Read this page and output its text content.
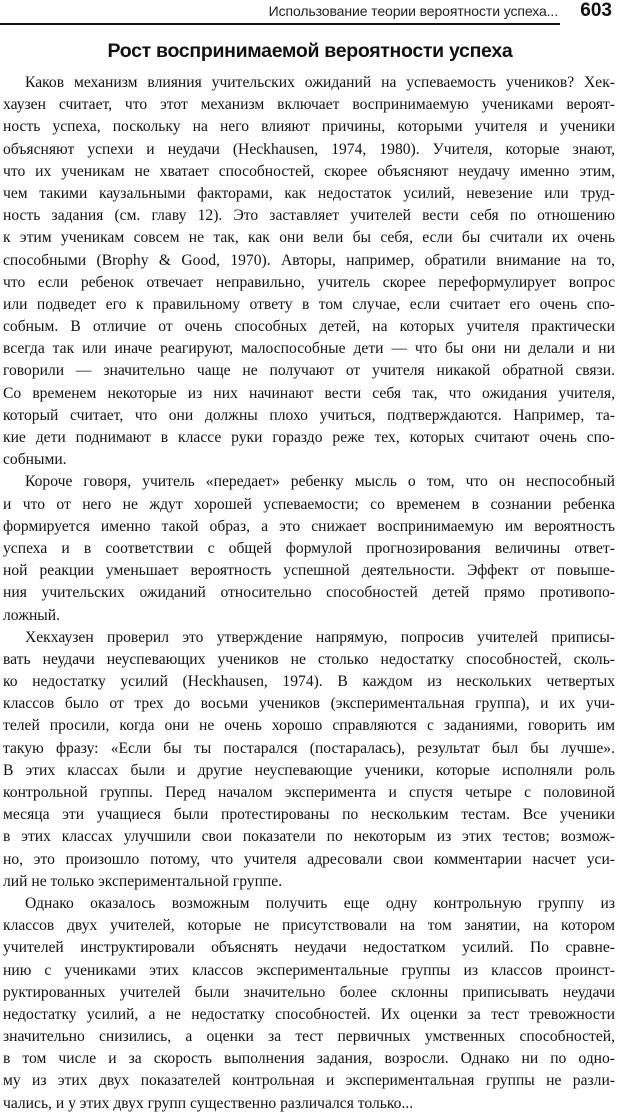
Использование теории вероятности успеха... 603
Рост воспринимаемой вероятности успеха

Каков механизм влияния учительских ожиданий на успеваемость учеников? Хек-
хаузен считает, что этот механизм включает воспринимаемую учениками вероят-
ность успеха, поскольку на него влияют причины, которыми учителя и ученики
объясняют успехи и неудачи (Heckhausen, 1974, 1980). Учителя, которые знают,
что их ученикам не хватает способностей, скорее объясняют неудачу именно этим,
чем такими каузальными факторами, как недостаток усилий, невезение или труд-
ность задания (см. главу 12). Это заставляет учителей вести себя по отношению
к этим ученикам совсем не так, как они вели бы себя, если бы считали их очень
способными (Brophy & Good, 1970). Авторы, например, обратили внимание на то,
что если ребенок отвечает неправильно, учитель скорее переформулирует вопрос
или подведет его к правильному ответу в том случае, если считает его очень спо-
собным. В отличие от очень способных детей, на которых учителя практически
всегда так или иначе реагируют, малоспособные дети — что бы они ни делали и ни
говорили — значительно чаще не получают от учителя никакой обратной связи.
Со временем некоторые из них начинают вести себя так, что ожидания учителя,
который считает, что они должны плохо учиться, подтверждаются. Например, та-
кие дети поднимают в классе руки гораздо реже тех, которых считают очень спо-
собными.

Короче говоря, учитель «передает» ребенку мысль о том, что он неспособный
и что от него не ждут хорошей успеваемости; со временем в сознании ребенка
формируется именно такой образ, а это снижает воспринимаемую им вероятность
успеха и в соответствии с общей формулой прогнозирования величины ответ-
ной реакции уменьшает вероятность успешной деятельности. Эффект от повыше-
ния учительских ожиданий относительно способностей детей прямо противопо-
ложный.

Хекхаузен проверил это утверждение напрямую, попросив учителей приписы-
вать неудачи неуспевающих учеников не столько недостатку способностей, сколь-
ко недостатку усилий (Heckhausen, 1974). В каждом из нескольких четвертых
классов было от трех до восьми учеников (экспериментальная группа), и их учи-
телей просили, когда они не очень хорошо справляются с заданиями, говорить им
такую фразу: «Если бы ты постарался (постаралась), результат был бы лучше».
В этих классах были и другие неуспевающие ученики, которые исполняли роль
контрольной группы. Перед началом эксперимента и спустя четыре с половиной
месяца эти учащиеся были протестированы по нескольким тестам. Все ученики
в этих классах улучшили свои показатели по некоторым из этих тестов; возмож-
но, это произошло потому, что учителя адресовали свои комментарии насчет уси-
лий не только экспериментальной группе.

Однако оказалось возможным получить еще одну контрольную группу из
классов двух учителей, которые не присутствовали на том занятии, на котором
учителей инструктировали объяснять неудачи недостатком усилий. По сравне-
нию с учениками этих классов экспериментальные группы из классов проинст-
руктированных учителей были значительно более склонны приписывать неудачи
недостатку усилий, а не недостатку способностей. Их оценки за тест тревожности
значительно снизились, а оценки за тест первичных умственных способностей,
в том числе и за скорость выполнения задания, возросли. Однако ни по одно-
му из этих двух показателей контрольная и экспериментальная группы не разли-
чались, и у этих двух групп существенно различался только...
